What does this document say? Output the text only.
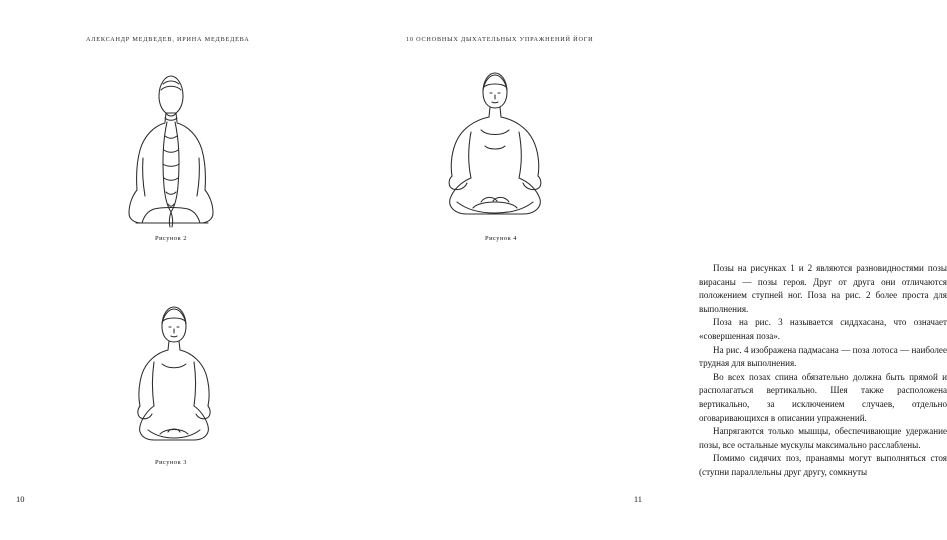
АЛЕКСАНДР МЕДВЕДЕВ, ИРИНА МЕДВЕДЕВА
Рисунок 2
Рисунок 3
10
10 ОСНОВНЫХ ДЫХАТЕЛЬНЫХ УПРАЖНЕНИЙ ЙОГИ
Рисунок 4

Позы на рисунках 1 и 2 являются разновидностями позы вирасаны — позы героя. Друг от друга они отличаются положением ступней ног. Поза на рис. 2 более проста для выполнения.

Поза на рис. 3 называется сиддхасана, что означает «совершенная поза».

На рис. 4 изображена падмасана — поза лотоса — наиболее трудная для выполнения.

Во всех позах спина обязательно должна быть прямой и располагаться вертикально. Шея также расположена вертикально, за исключением случаев, отдельно оговаривающихся в описании упражнений.

Напрягаются только мышцы, обеспечивающие удержание позы, все остальные мускулы максимально расслаблены.

Помимо сидячих поз, пранаямы могут выполняться стоя (ступни параллельны друг другу, сомкнуты

11
